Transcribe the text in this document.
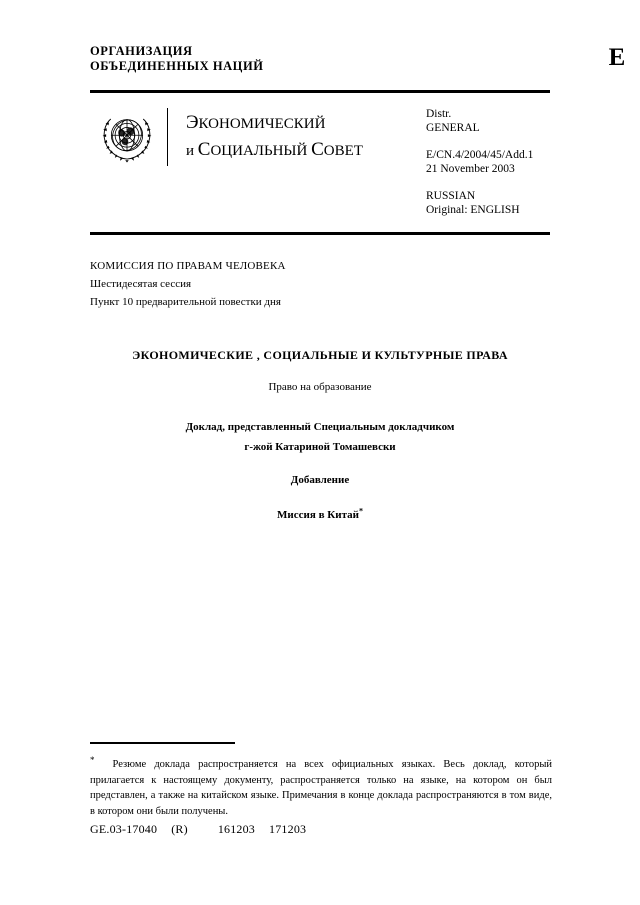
ОРГАНИЗАЦИЯ
ОБЪЕДИНЕННЫХ НАЦИЙ	E
ЭКОНОМИЧЕСКИЙ
и СОЦИАЛЬНЫЙ СОВЕТ
Distr.
GENERAL
E/CN.4/2004/45/Add.1
21 November 2003
RUSSIAN
Original: ENGLISH
КОМИССИЯ ПО ПРАВАМ ЧЕЛОВЕКА
Шестидесятая сессия
Пункт 10 предварительной повестки дня
ЭКОНОМИЧЕСКИЕ , СОЦИАЛЬНЫЕ И КУЛЬТУРНЫЕ ПРАВА
Право на образование
Доклад, представленный Специальным докладчиком
г-жой Катариной Томашевски
Добавление
Миссия в Китай*
* Резюме доклада распространяется на всех официальных языках. Весь доклад, который прилагается к настоящему документу, распространяется только на языке, на котором он был представлен, а также на китайском языке. Примечания в конце доклада распространяются в том виде, в котором они были получены.
GE.03-17040 (R)	161203 171203
